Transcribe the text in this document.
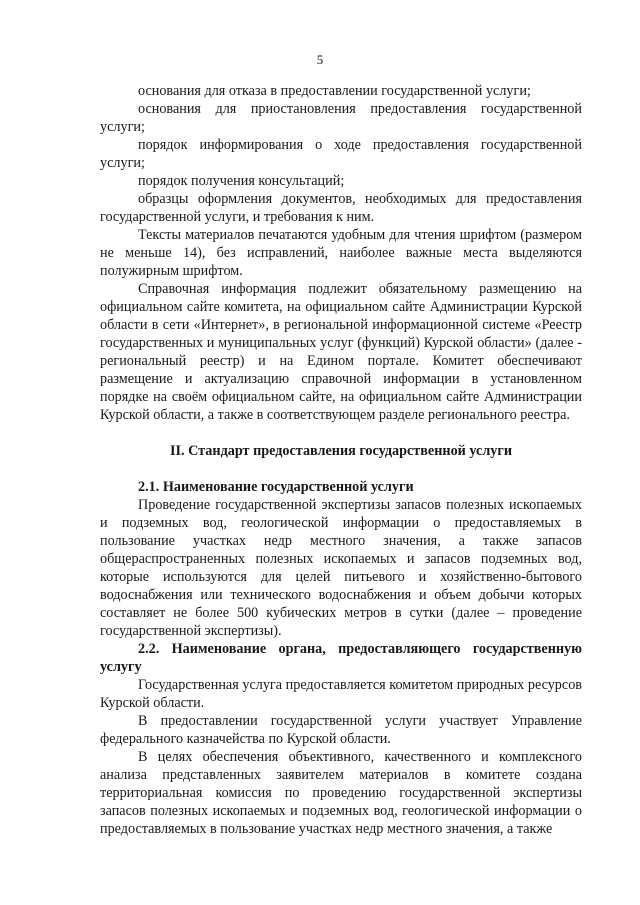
5

основания для отказа в предоставлении государственной услуги;

основания для приостановления предоставления государственной услуги;

порядок информирования о ходе предоставления государственной услуги;

порядок получения консультаций;

образцы оформления документов, необходимых для предоставления государственной услуги, и требования к ним.

Тексты материалов печатаются удобным для чтения шрифтом (размером не меньше 14), без исправлений, наиболее важные места выделяются полужирным шрифтом.

Справочная информация подлежит обязательному размещению на официальном сайте комитета, на официальном сайте Администрации Курской области в сети «Интернет», в региональной информационной системе «Реестр государственных и муниципальных услуг (функций) Курской области» (далее - региональный реестр) и на Едином портале. Комитет обеспечивают размещение и актуализацию справочной информации в установленном порядке на своём официальном сайте, на официальном сайте Администрации Курской области, а также в соответствующем разделе регионального реестра.

II. Стандарт предоставления государственной услуги
2.1. Наименование государственной услуги

Проведение государственной экспертизы запасов полезных ископаемых и подземных вод, геологической информации о предоставляемых в пользование участках недр местного значения, а также запасов общераспространенных полезных ископаемых и запасов подземных вод, которые используются для целей питьевого и хозяйственно-бытового водоснабжения или технического водоснабжения и объем добычи которых составляет не более 500 кубических метров в сутки (далее – проведение государственной экспертизы).

2.2. Наименование органа, предоставляющего государственную услугу

Государственная услуга предоставляется комитетом природных ресурсов Курской области.

В предоставлении государственной услуги участвует Управление федерального казначейства по Курской области.

В целях обеспечения объективного, качественного и комплексного анализа представленных заявителем материалов в комитете создана территориальная комиссия по проведению государственной экспертизы запасов полезных ископаемых и подземных вод, геологической информации о предоставляемых в пользование участках недр местного значения, а также
